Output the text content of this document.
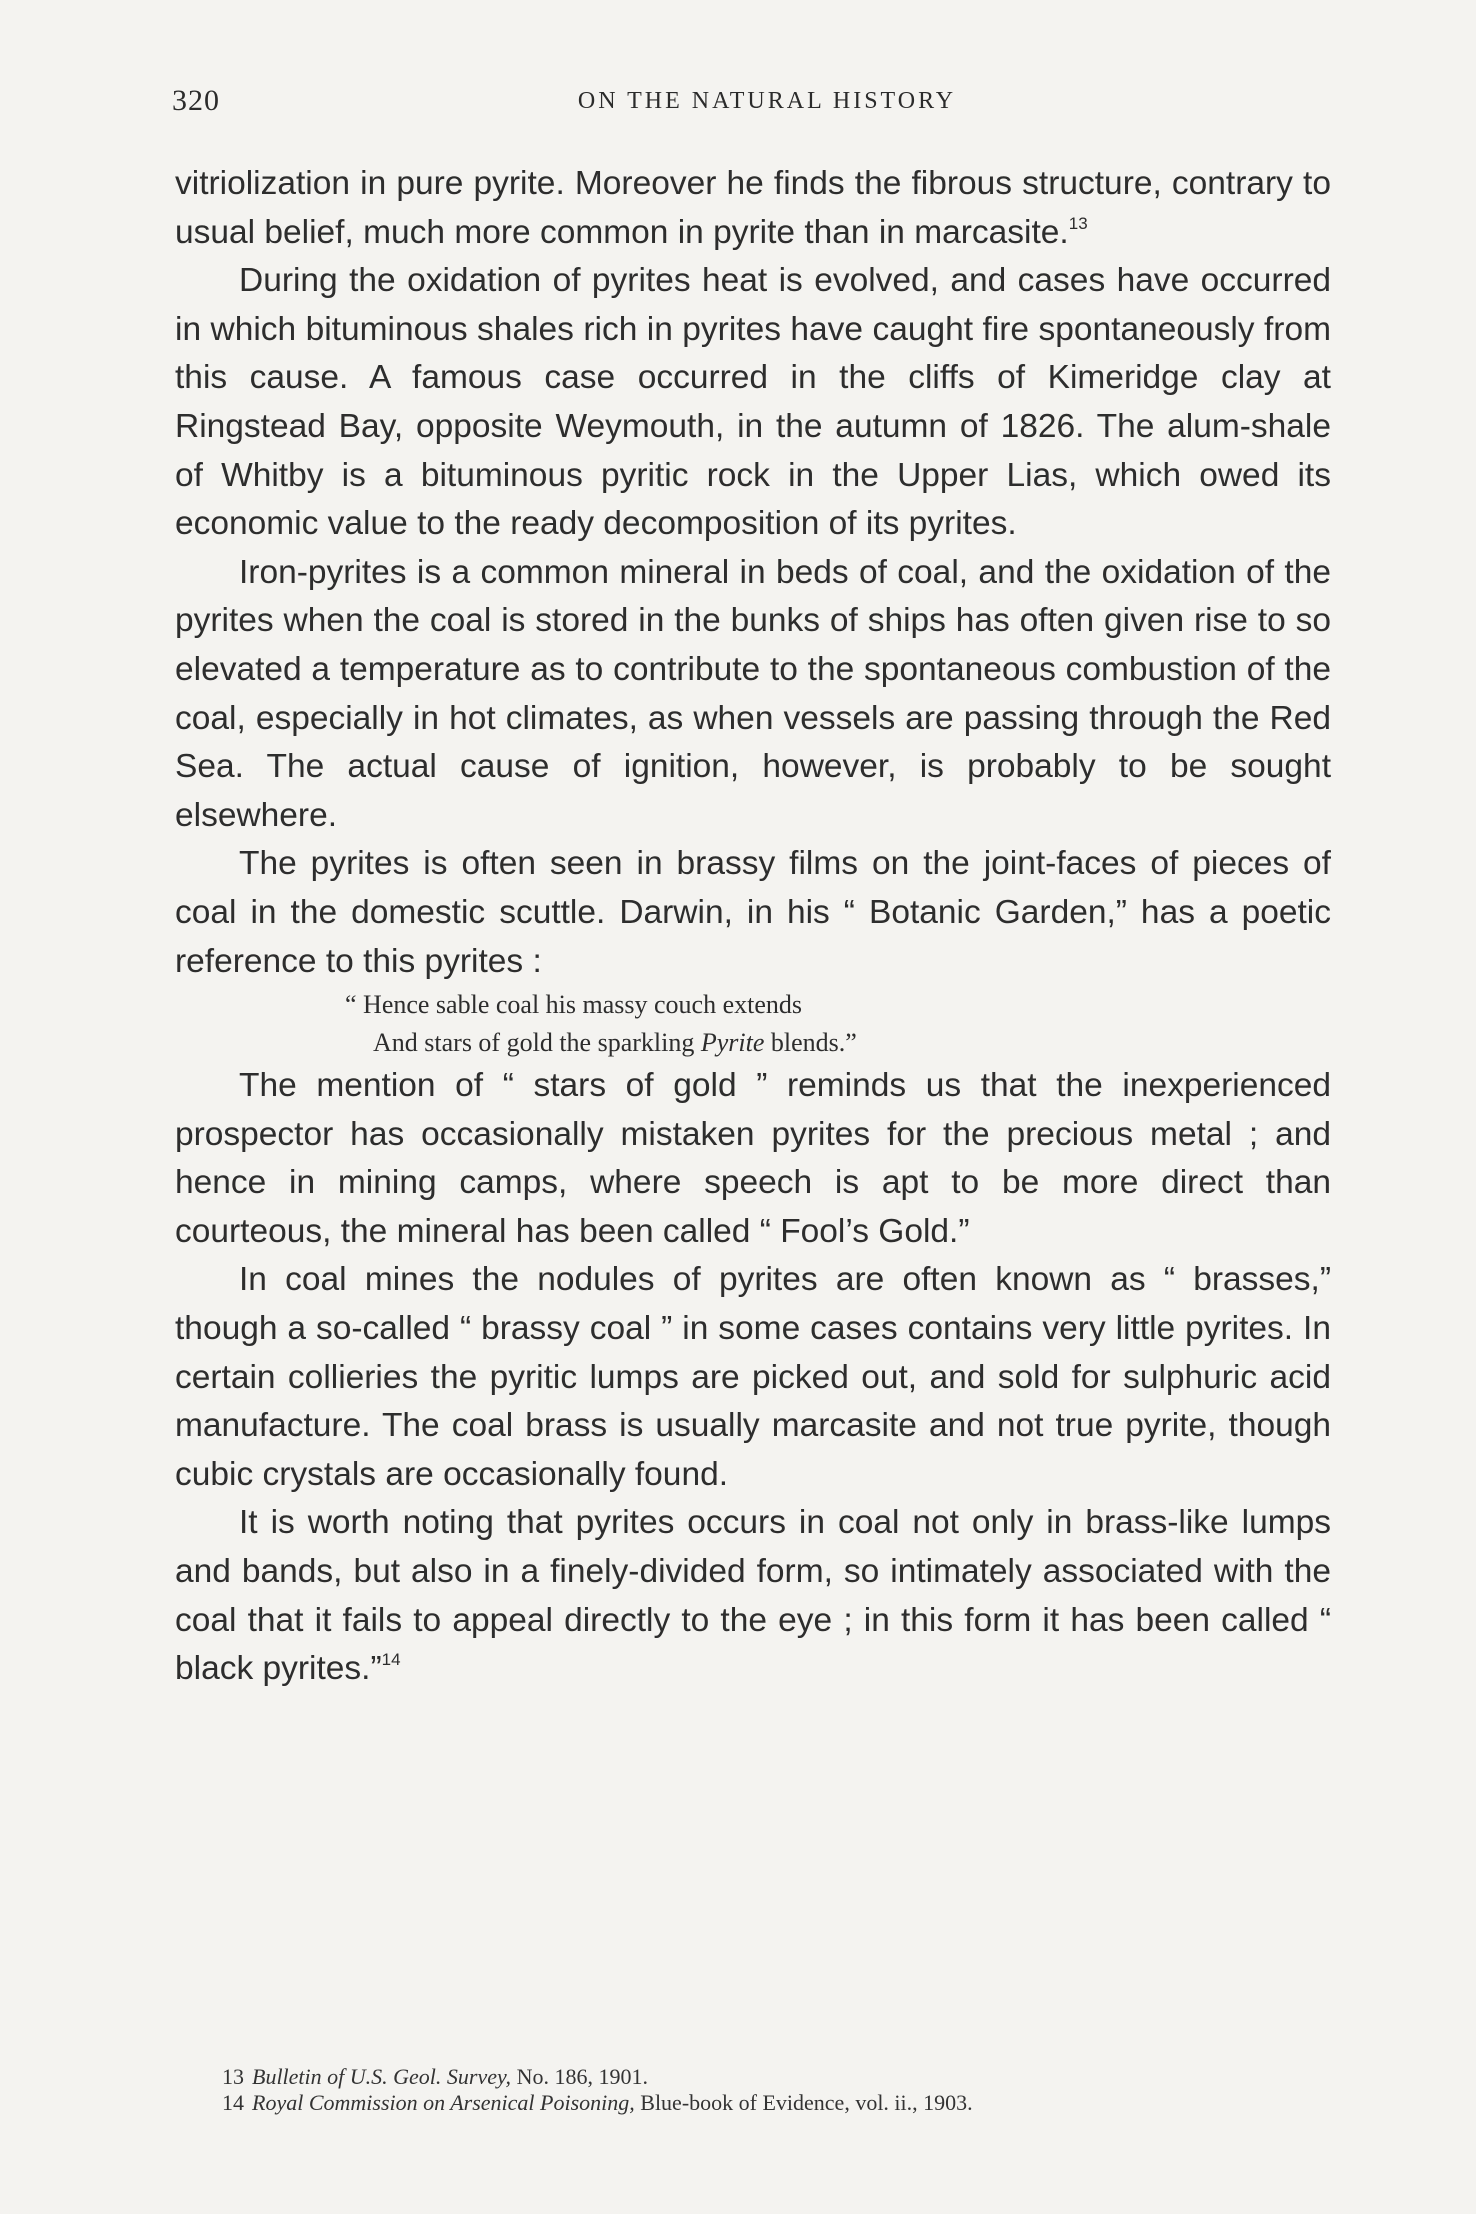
320	ON THE NATURAL HISTORY

vitriolization in pure pyrite. Moreover he finds the fibrous structure, contrary to usual belief, much more common in pyrite than in marcasite.$^{13}$

During the oxidation of pyrites heat is evolved, and cases have occurred in which bituminous shales rich in pyrites have caught fire spontaneously from this cause. A famous case occurred in the cliffs of Kimeridge clay at Ringstead Bay, opposite Weymouth, in the autumn of 1826. The alum-shale of Whitby is a bituminous pyritic rock in the Upper Lias, which owed its economic value to the ready decomposition of its pyrites.

Iron-pyrites is a common mineral in beds of coal, and the oxidation of the pyrites when the coal is stored in the bunks of ships has often given rise to so elevated a temperature as to contribute to the spontaneous combustion of the coal, especially in hot climates, as when vessels are passing through the Red Sea. The actual cause of ignition, however, is probably to be sought elsewhere.

The pyrites is often seen in brassy films on the joint-faces of pieces of coal in the domestic scuttle. Darwin, in his “ Botanic Garden,” has a poetic reference to this pyrites :

“ Hence sable coal his massy couch extends
And stars of gold the sparkling Pyrite blends.”

The mention of “ stars of gold ” reminds us that the inexperienced prospector has occasionally mistaken pyrites for the precious metal ; and hence in mining camps, where speech is apt to be more direct than courteous, the mineral has been called “ Fool’s Gold.”

In coal mines the nodules of pyrites are often known as “ brasses,” though a so-called “ brassy coal ” in some cases contains very little pyrites. In certain collieries the pyritic lumps are picked out, and sold for sulphuric acid manufacture. The coal brass is usually marcasite and not true pyrite, though cubic crystals are occasionally found.

It is worth noting that pyrites occurs in coal not only in brass-like lumps and bands, but also in a finely-divided form, so intimately associated with the coal that it fails to appeal directly to the eye ; in this form it has been called “ black pyrites.”$^{14}$

13 Bulletin of U.S. Geol. Survey, No. 186, 1901.
14 Royal Commission on Arsenical Poisoning, Blue-book of Evidence, vol. ii., 1903.
